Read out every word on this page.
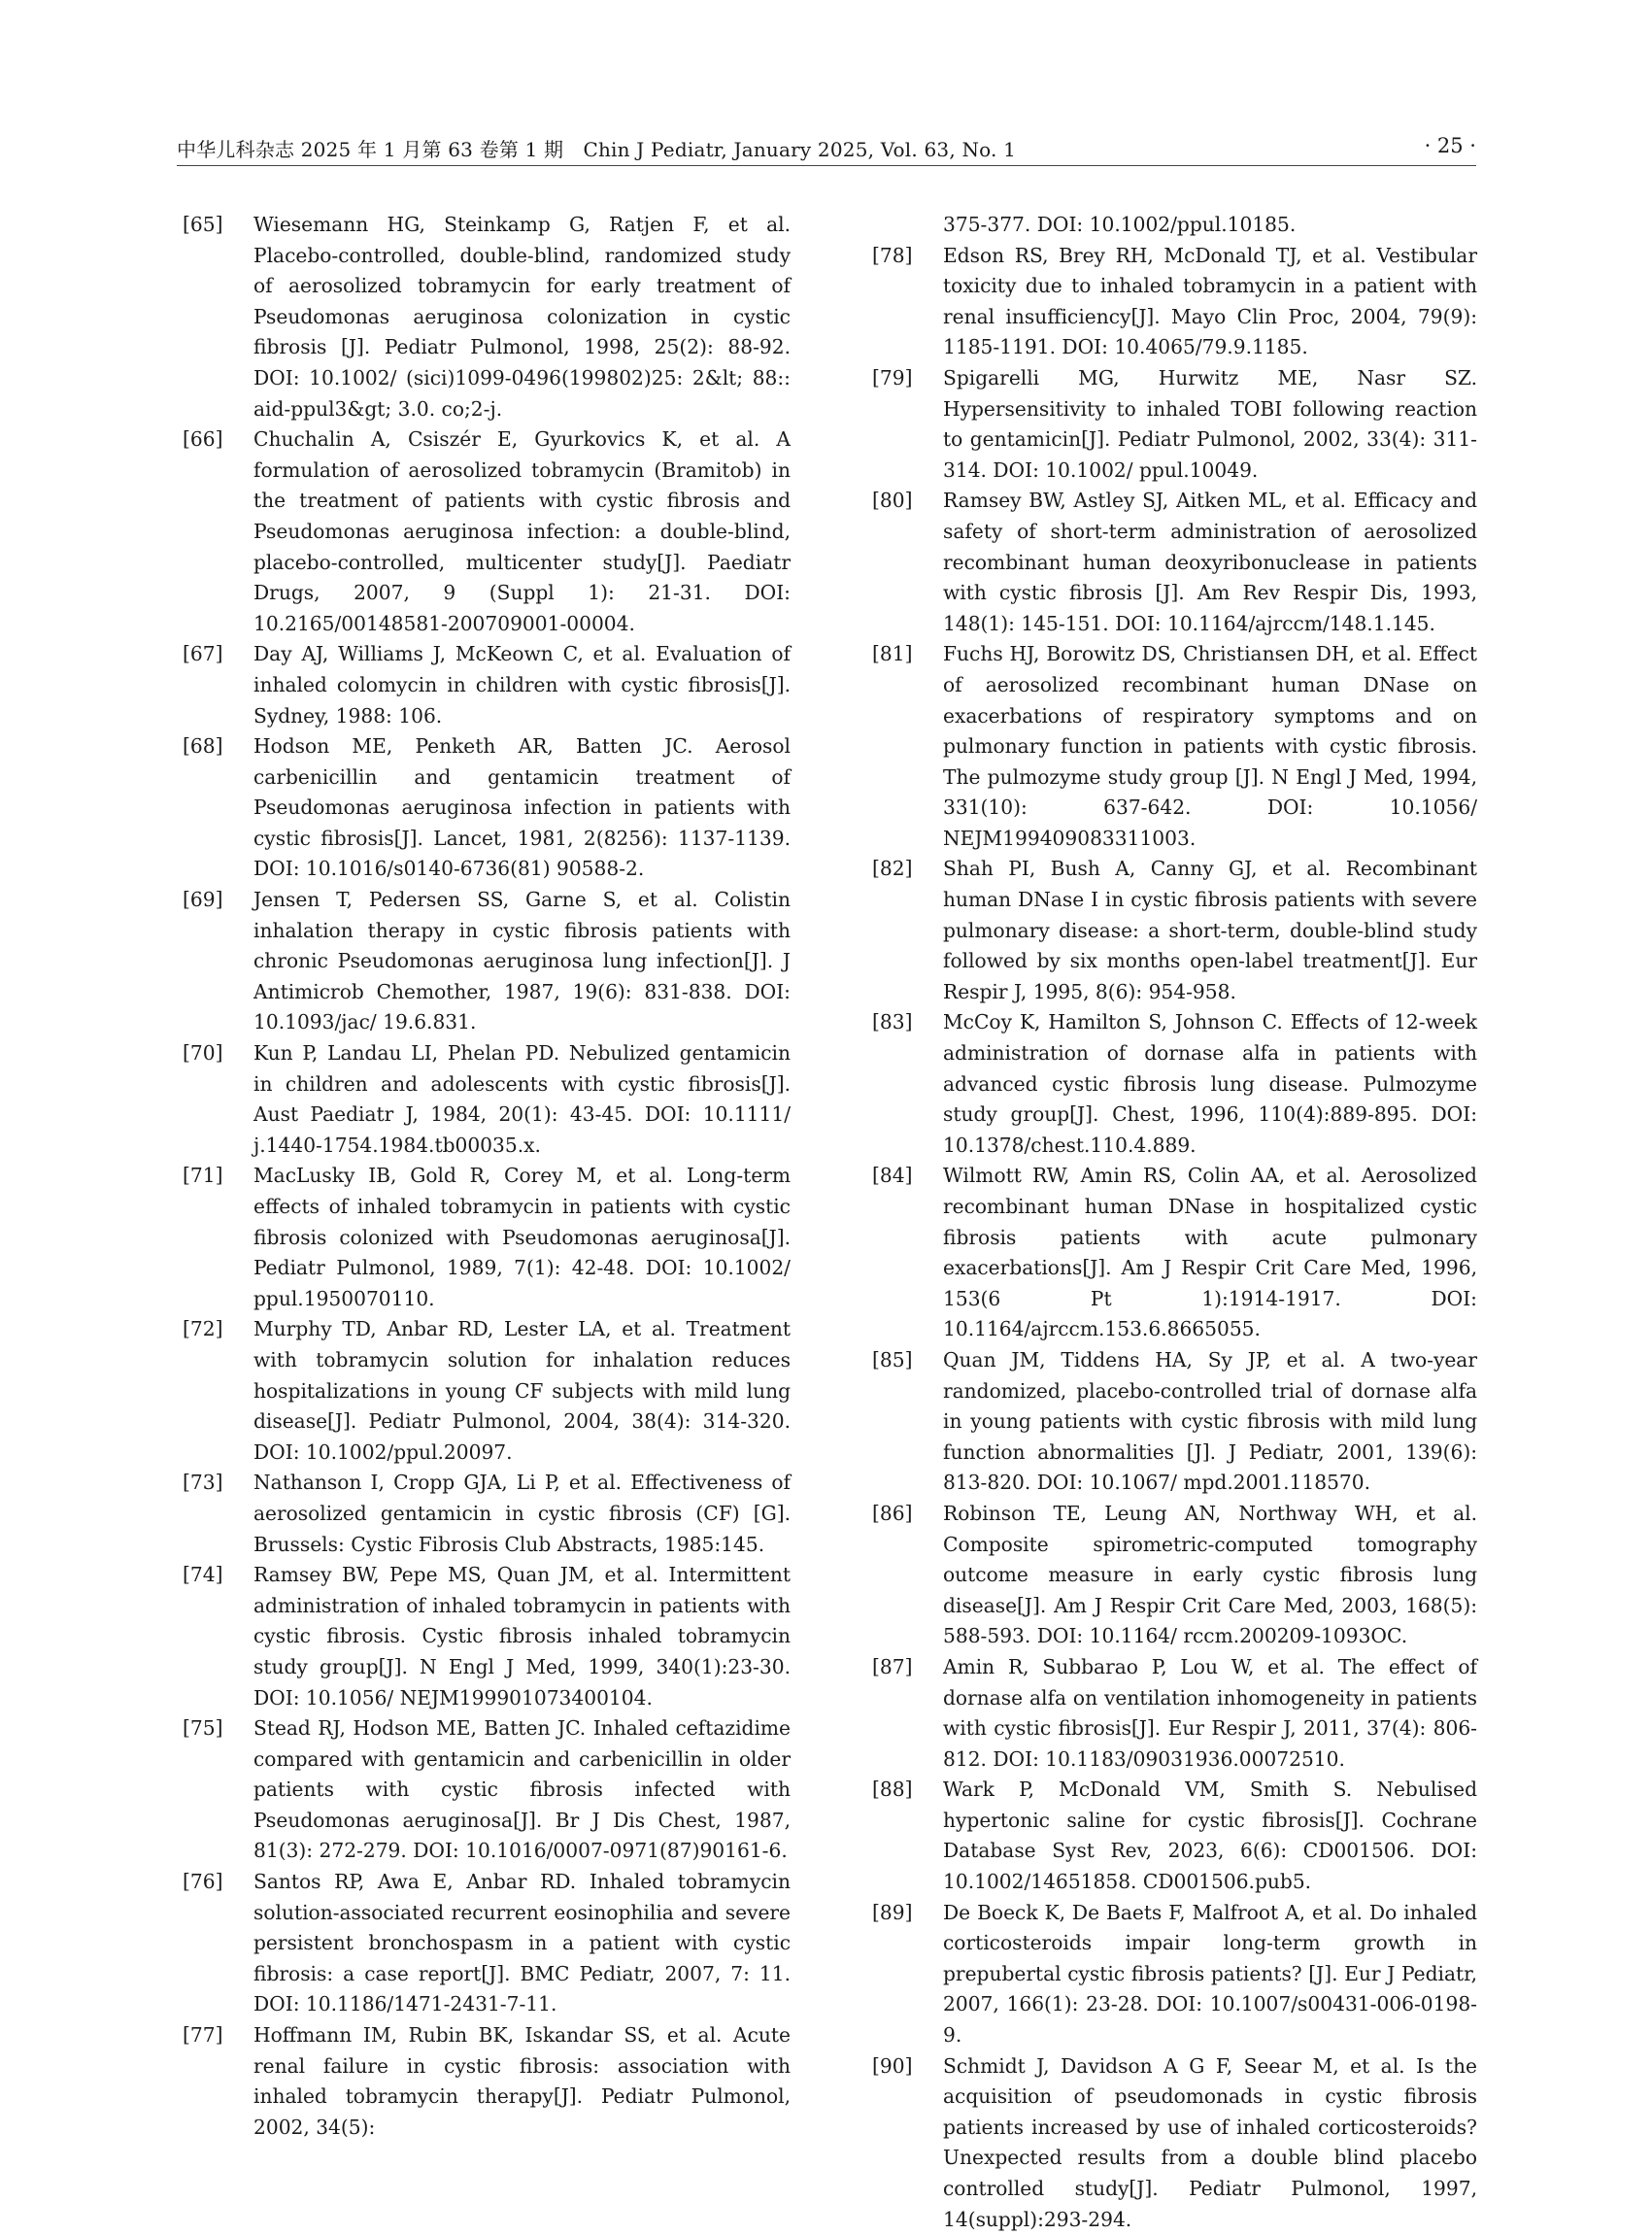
中华儿科杂志 2025 年 1 月第 63 卷第 1 期　Chin J Pediatr, January 2025, Vol. 63, No. 1	· 25 ·
[65] Wiesemann HG, Steinkamp G, Ratjen F, et al. Placebo-controlled, double-blind, randomized study of aerosolized tobramycin for early treatment of Pseudomonas aeruginosa colonization in cystic fibrosis [J]. Pediatr Pulmonol, 1998, 25(2): 88-92. DOI: 10.1002/ (sici)1099-0496(199802)25: 2&lt; 88:: aid-ppul3&gt; 3.0. co;2-j.
[66] Chuchalin A, Csiszér E, Gyurkovics K, et al. A formulation of aerosolized tobramycin (Bramitob) in the treatment of patients with cystic fibrosis and Pseudomonas aeruginosa infection: a double-blind, placebo-controlled, multicenter study[J]. Paediatr Drugs, 2007, 9 (Suppl 1): 21-31. DOI: 10.2165/00148581-200709001-00004.
[67] Day AJ, Williams J, McKeown C, et al. Evaluation of inhaled colomycin in children with cystic fibrosis[J]. Sydney, 1988: 106.
[68] Hodson ME, Penketh AR, Batten JC. Aerosol carbenicillin and gentamicin treatment of Pseudomonas aeruginosa infection in patients with cystic fibrosis[J]. Lancet, 1981, 2(8256): 1137-1139. DOI: 10.1016/s0140-6736(81) 90588-2.
[69] Jensen T, Pedersen SS, Garne S, et al. Colistin inhalation therapy in cystic fibrosis patients with chronic Pseudomonas aeruginosa lung infection[J]. J Antimicrob Chemother, 1987, 19(6): 831-838. DOI: 10.1093/jac/ 19.6.831.
[70] Kun P, Landau LI, Phelan PD. Nebulized gentamicin in children and adolescents with cystic fibrosis[J]. Aust Paediatr J, 1984, 20(1): 43-45. DOI: 10.1111/ j.1440-1754.1984.tb00035.x.
[71] MacLusky IB, Gold R, Corey M, et al. Long-term effects of inhaled tobramycin in patients with cystic fibrosis colonized with Pseudomonas aeruginosa[J]. Pediatr Pulmonol, 1989, 7(1): 42-48. DOI: 10.1002/ ppul.1950070110.
[72] Murphy TD, Anbar RD, Lester LA, et al. Treatment with tobramycin solution for inhalation reduces hospitalizations in young CF subjects with mild lung disease[J]. Pediatr Pulmonol, 2004, 38(4): 314-320. DOI: 10.1002/ppul.20097.
[73] Nathanson I, Cropp GJA, Li P, et al. Effectiveness of aerosolized gentamicin in cystic fibrosis (CF) [G]. Brussels: Cystic Fibrosis Club Abstracts, 1985:145.
[74] Ramsey BW, Pepe MS, Quan JM, et al. Intermittent administration of inhaled tobramycin in patients with cystic fibrosis. Cystic fibrosis inhaled tobramycin study group[J]. N Engl J Med, 1999, 340(1):23-30. DOI: 10.1056/ NEJM199901073400104.
[75] Stead RJ, Hodson ME, Batten JC. Inhaled ceftazidime compared with gentamicin and carbenicillin in older patients with cystic fibrosis infected with Pseudomonas aeruginosa[J]. Br J Dis Chest, 1987, 81(3): 272-279. DOI: 10.1016/0007-0971(87)90161-6.
[76] Santos RP, Awa E, Anbar RD. Inhaled tobramycin solution-associated recurrent eosinophilia and severe persistent bronchospasm in a patient with cystic fibrosis: a case report[J]. BMC Pediatr, 2007, 7: 11. DOI: 10.1186/1471-2431-7-11.
[77] Hoffmann IM, Rubin BK, Iskandar SS, et al. Acute renal failure in cystic fibrosis: association with inhaled tobramycin therapy[J]. Pediatr Pulmonol, 2002, 34(5):
375-377. DOI: 10.1002/ppul.10185.
[78] Edson RS, Brey RH, McDonald TJ, et al. Vestibular toxicity due to inhaled tobramycin in a patient with renal insufficiency[J]. Mayo Clin Proc, 2004, 79(9): 1185-1191. DOI: 10.4065/79.9.1185.
[79] Spigarelli MG, Hurwitz ME, Nasr SZ. Hypersensitivity to inhaled TOBI following reaction to gentamicin[J]. Pediatr Pulmonol, 2002, 33(4): 311-314. DOI: 10.1002/ ppul.10049.
[80] Ramsey BW, Astley SJ, Aitken ML, et al. Efficacy and safety of short-term administration of aerosolized recombinant human deoxyribonuclease in patients with cystic fibrosis [J]. Am Rev Respir Dis, 1993, 148(1): 145-151. DOI: 10.1164/ajrccm/148.1.145.
[81] Fuchs HJ, Borowitz DS, Christiansen DH, et al. Effect of aerosolized recombinant human DNase on exacerbations of respiratory symptoms and on pulmonary function in patients with cystic fibrosis. The pulmozyme study group [J]. N Engl J Med, 1994, 331(10): 637-642. DOI: 10.1056/ NEJM199409083311003.
[82] Shah PI, Bush A, Canny GJ, et al. Recombinant human DNase I in cystic fibrosis patients with severe pulmonary disease: a short-term, double-blind study followed by six months open-label treatment[J]. Eur Respir J, 1995, 8(6): 954-958.
[83] McCoy K, Hamilton S, Johnson C. Effects of 12-week administration of dornase alfa in patients with advanced cystic fibrosis lung disease. Pulmozyme study group[J]. Chest, 1996, 110(4):889-895. DOI: 10.1378/chest.110.4.889.
[84] Wilmott RW, Amin RS, Colin AA, et al. Aerosolized recombinant human DNase in hospitalized cystic fibrosis patients with acute pulmonary exacerbations[J]. Am J Respir Crit Care Med, 1996, 153(6 Pt 1):1914-1917. DOI: 10.1164/ajrccm.153.6.8665055.
[85] Quan JM, Tiddens HA, Sy JP, et al. A two-year randomized, placebo-controlled trial of dornase alfa in young patients with cystic fibrosis with mild lung function abnormalities [J]. J Pediatr, 2001, 139(6): 813-820. DOI: 10.1067/ mpd.2001.118570.
[86] Robinson TE, Leung AN, Northway WH, et al. Composite spirometric-computed tomography outcome measure in early cystic fibrosis lung disease[J]. Am J Respir Crit Care Med, 2003, 168(5): 588-593. DOI: 10.1164/ rccm.200209-1093OC.
[87] Amin R, Subbarao P, Lou W, et al. The effect of dornase alfa on ventilation inhomogeneity in patients with cystic fibrosis[J]. Eur Respir J, 2011, 37(4): 806-812. DOI: 10.1183/09031936.00072510.
[88] Wark P, McDonald VM, Smith S. Nebulised hypertonic saline for cystic fibrosis[J]. Cochrane Database Syst Rev, 2023, 6(6): CD001506. DOI: 10.1002/14651858. CD001506.pub5.
[89] De Boeck K, De Baets F, Malfroot A, et al. Do inhaled corticosteroids impair long-term growth in prepubertal cystic fibrosis patients? [J]. Eur J Pediatr, 2007, 166(1): 23-28. DOI: 10.1007/s00431-006-0198-9.
[90] Schmidt J, Davidson A G F, Seear M, et al. Is the acquisition of pseudomonads in cystic fibrosis patients increased by use of inhaled corticosteroids? Unexpected results from a double blind placebo controlled study[J]. Pediatr Pulmonol, 1997, 14(suppl):293-294.
